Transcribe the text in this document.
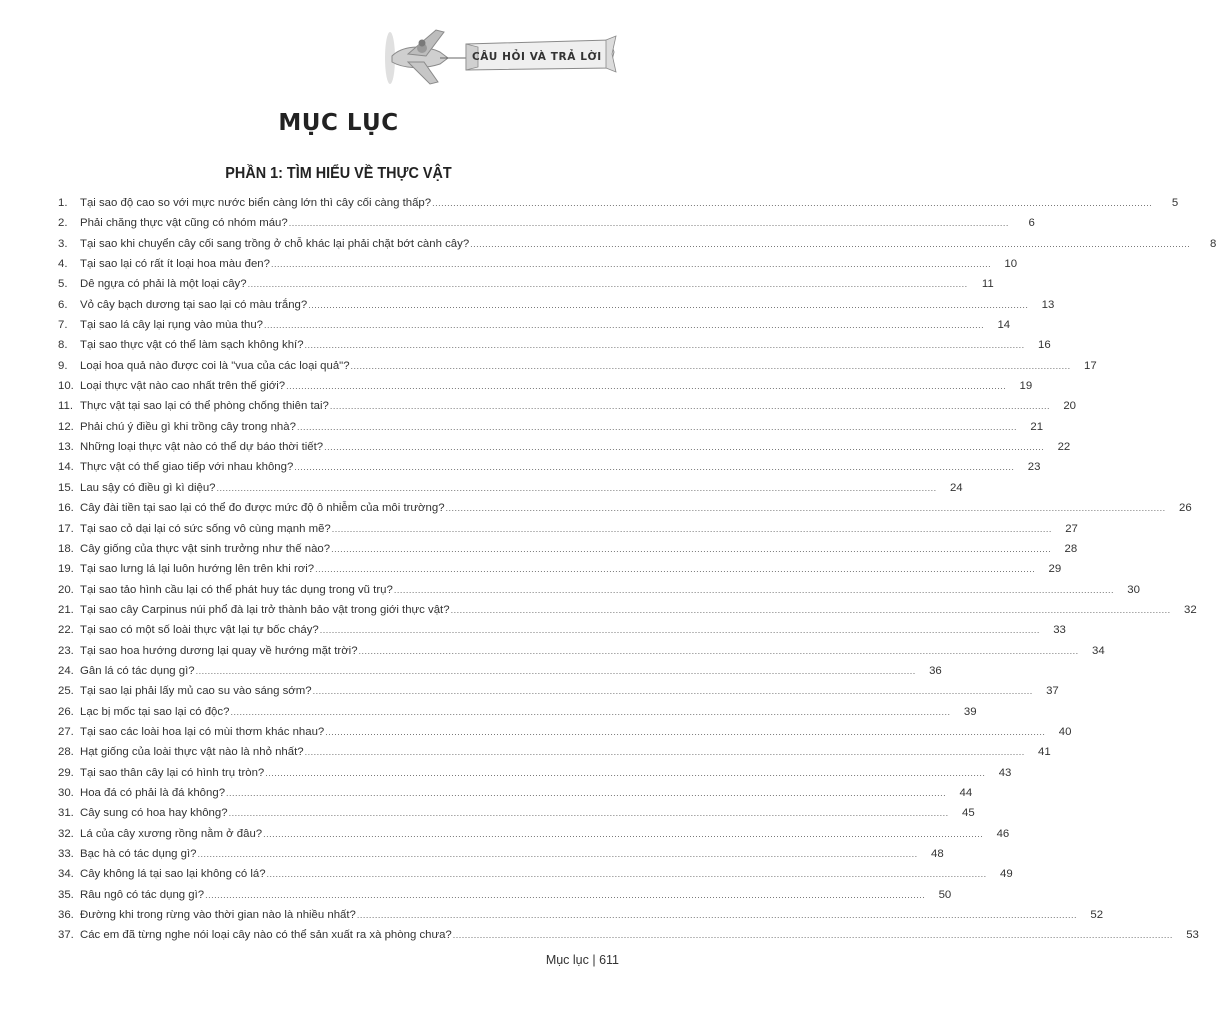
CÂU HỎI VÀ TRẢ LỜI
MỤC LỤC
PHẦN 1: TÌM HIỂU VỀ THỰC VẬT
1.	Tại sao độ cao so với mực nước biển càng lớn thì cây cối càng thấp? .....	5
2.	Phải chăng thực vật cũng có nhóm máu? .....	6
3.	Tại sao khi chuyển cây cối sang trồng ở chỗ khác lại phải chặt bớt cành cây? .....	8
4.	Tại sao lại có rất ít loại hoa màu đen? .....	10
5.	Dê ngựa có phải là một loại cây? .....	11
6.	Vỏ cây bạch dương tại sao lại có màu trắng? .....	13
7.	Tại sao lá cây lại rụng vào mùa thu? .....	14
8.	Tại sao thực vật có thể làm sạch không khí? .....	16
9.	Loại hoa quả nào được coi là "vua của các loại quả"? .....	17
10. Loại thực vật nào cao nhất trên thế giới? .....	19
11. Thực vật tại sao lại có thể phòng chống thiên tai? .....	20
12. Phải chú ý điều gì khi trồng cây trong nhà? .....	21
13. Những loại thực vật nào có thể dự báo thời tiết? .....	22
14. Thực vật có thể giao tiếp với nhau không? .....	23
15. Lau sậy có điều gì kì diệu? .....	24
16. Cây đài tiền tại sao lại có thể đo được mức độ ô nhiễm của môi trường? .....	26
17. Tại sao cỏ dại lại có sức sống vô cùng mạnh mẽ? .....	27
18. Cây giống của thực vật sinh trưởng như thế nào? .....	28
19. Tại sao lưng lá lại luôn hướng lên trên khi rơi? .....	29
20. Tại sao tảo hình cầu lại có thể phát huy tác dụng trong vũ trụ? .....	30
21. Tại sao cây Carpinus núi phổ đà lại trở thành bảo vật trong giới thực vật? .....	32
22. Tại sao có một số loài thực vật lại tự bốc cháy? .....	33
23. Tại sao hoa hướng dương lại quay về hướng mặt trời? .....	34
24. Gân lá có tác dụng gì? .....	36
25. Tại sao lại phải lấy mủ cao su vào sáng sớm? .....	37
26. Lạc bị mốc tại sao lại có độc? .....	39
27. Tại sao các loài hoa lại có mùi thơm khác nhau? .....	40
28. Hạt giống của loài thực vật nào là nhỏ nhất? .....	41
29. Tại sao thân cây lại có hình trụ tròn? .....	43
30. Hoa đá có phải là đá không? .....	44
31. Cây sung có hoa hay không? .....	45
32. Lá của cây xương rồng nằm ở đâu? .....	46
33. Bạc hà có tác dụng gì? .....	48
34. Cây không lá tại sao lại không có lá? .....	49
35. Râu ngô có tác dụng gì? .....	50
36. Đường khi trong rừng vào thời gian nào là nhiều nhất? .....	52
37. Các em đã từng nghe nói loại cây nào có thể sản xuất ra xà phòng chưa? .....	53
Mục lục | 611
